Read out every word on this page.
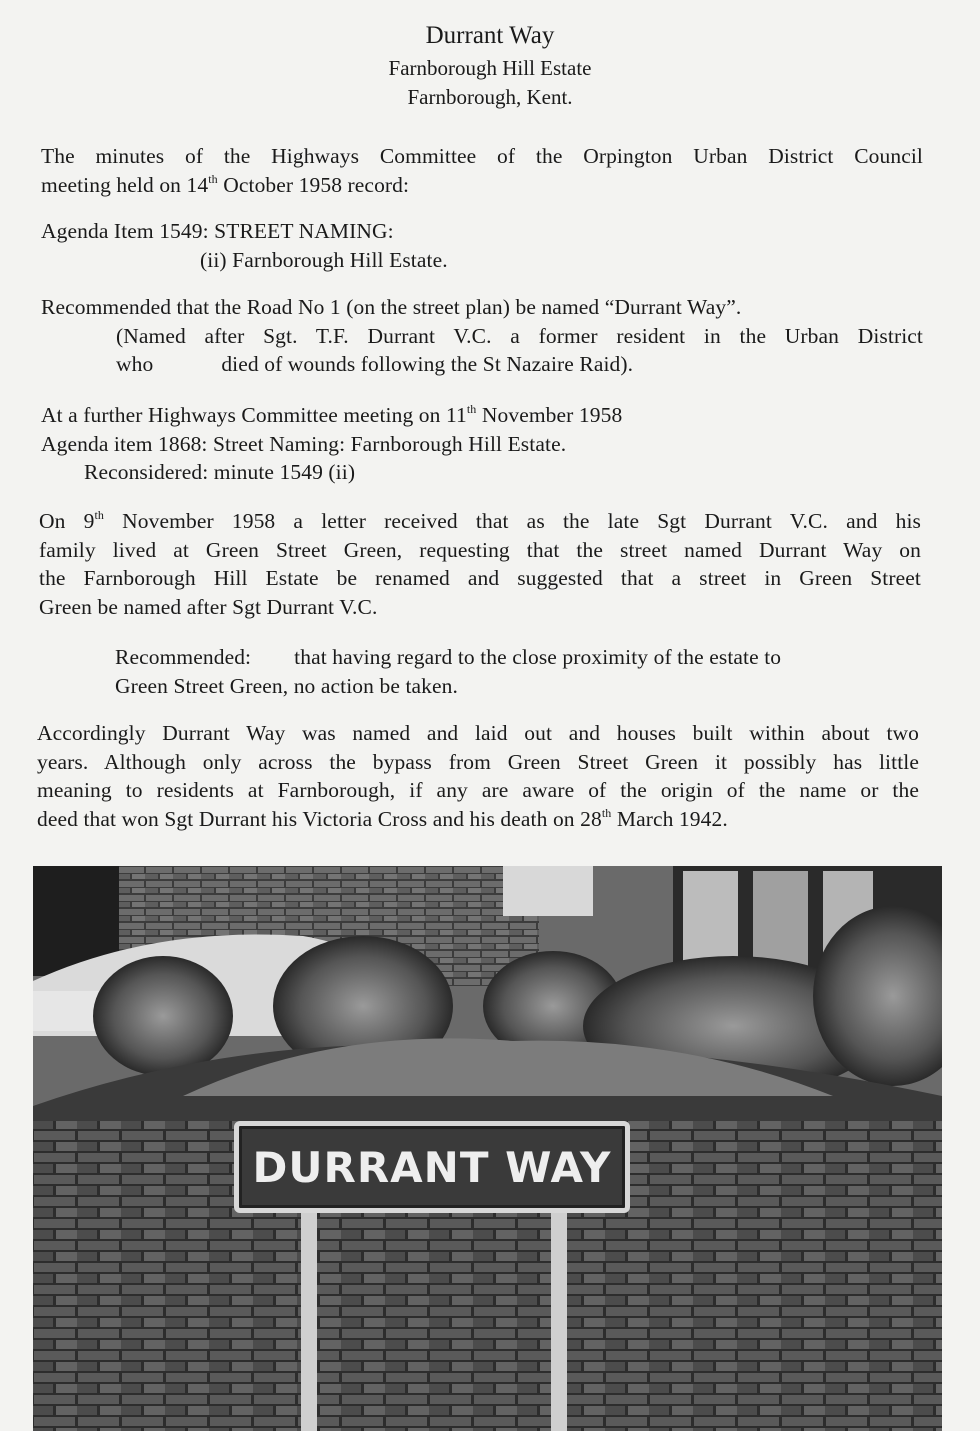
Durrant Way
Farnborough Hill Estate
Farnborough, Kent.
The minutes of the Highways Committee of the Orpington Urban District Council
meeting held on 14th October 1958 record:
Agenda Item 1549: STREET NAMING:
(ii) Farnborough Hill Estate.
Recommended that the Road No 1 (on the street plan) be named “Durrant Way”.
(Named after Sgt. T.F. Durrant V.C. a former resident in the Urban District
who	died of wounds following the St Nazaire Raid).
At a further Highways Committee meeting on 11th November 1958
Agenda item 1868: Street Naming: Farnborough Hill Estate.
Reconsidered: minute 1549 (ii)
On 9th November 1958 a letter received that as the late Sgt Durrant V.C. and his
family lived at Green Street Green, requesting that the street named Durrant Way on
the Farnborough Hill Estate be renamed and suggested that a street in Green Street
Green be named after Sgt Durrant V.C.
Recommended: that having regard to the close proximity of the estate to
Green Street Green, no action be taken.
Accordingly Durrant Way was named and laid out and houses built within about two
years. Although only across the bypass from Green Street Green it possibly has little
meaning to residents at Farnborough, if any are aware of the origin of the name or the
deed that won Sgt Durrant his Victoria Cross and his death on 28th March 1942.
DURRANT WAY
